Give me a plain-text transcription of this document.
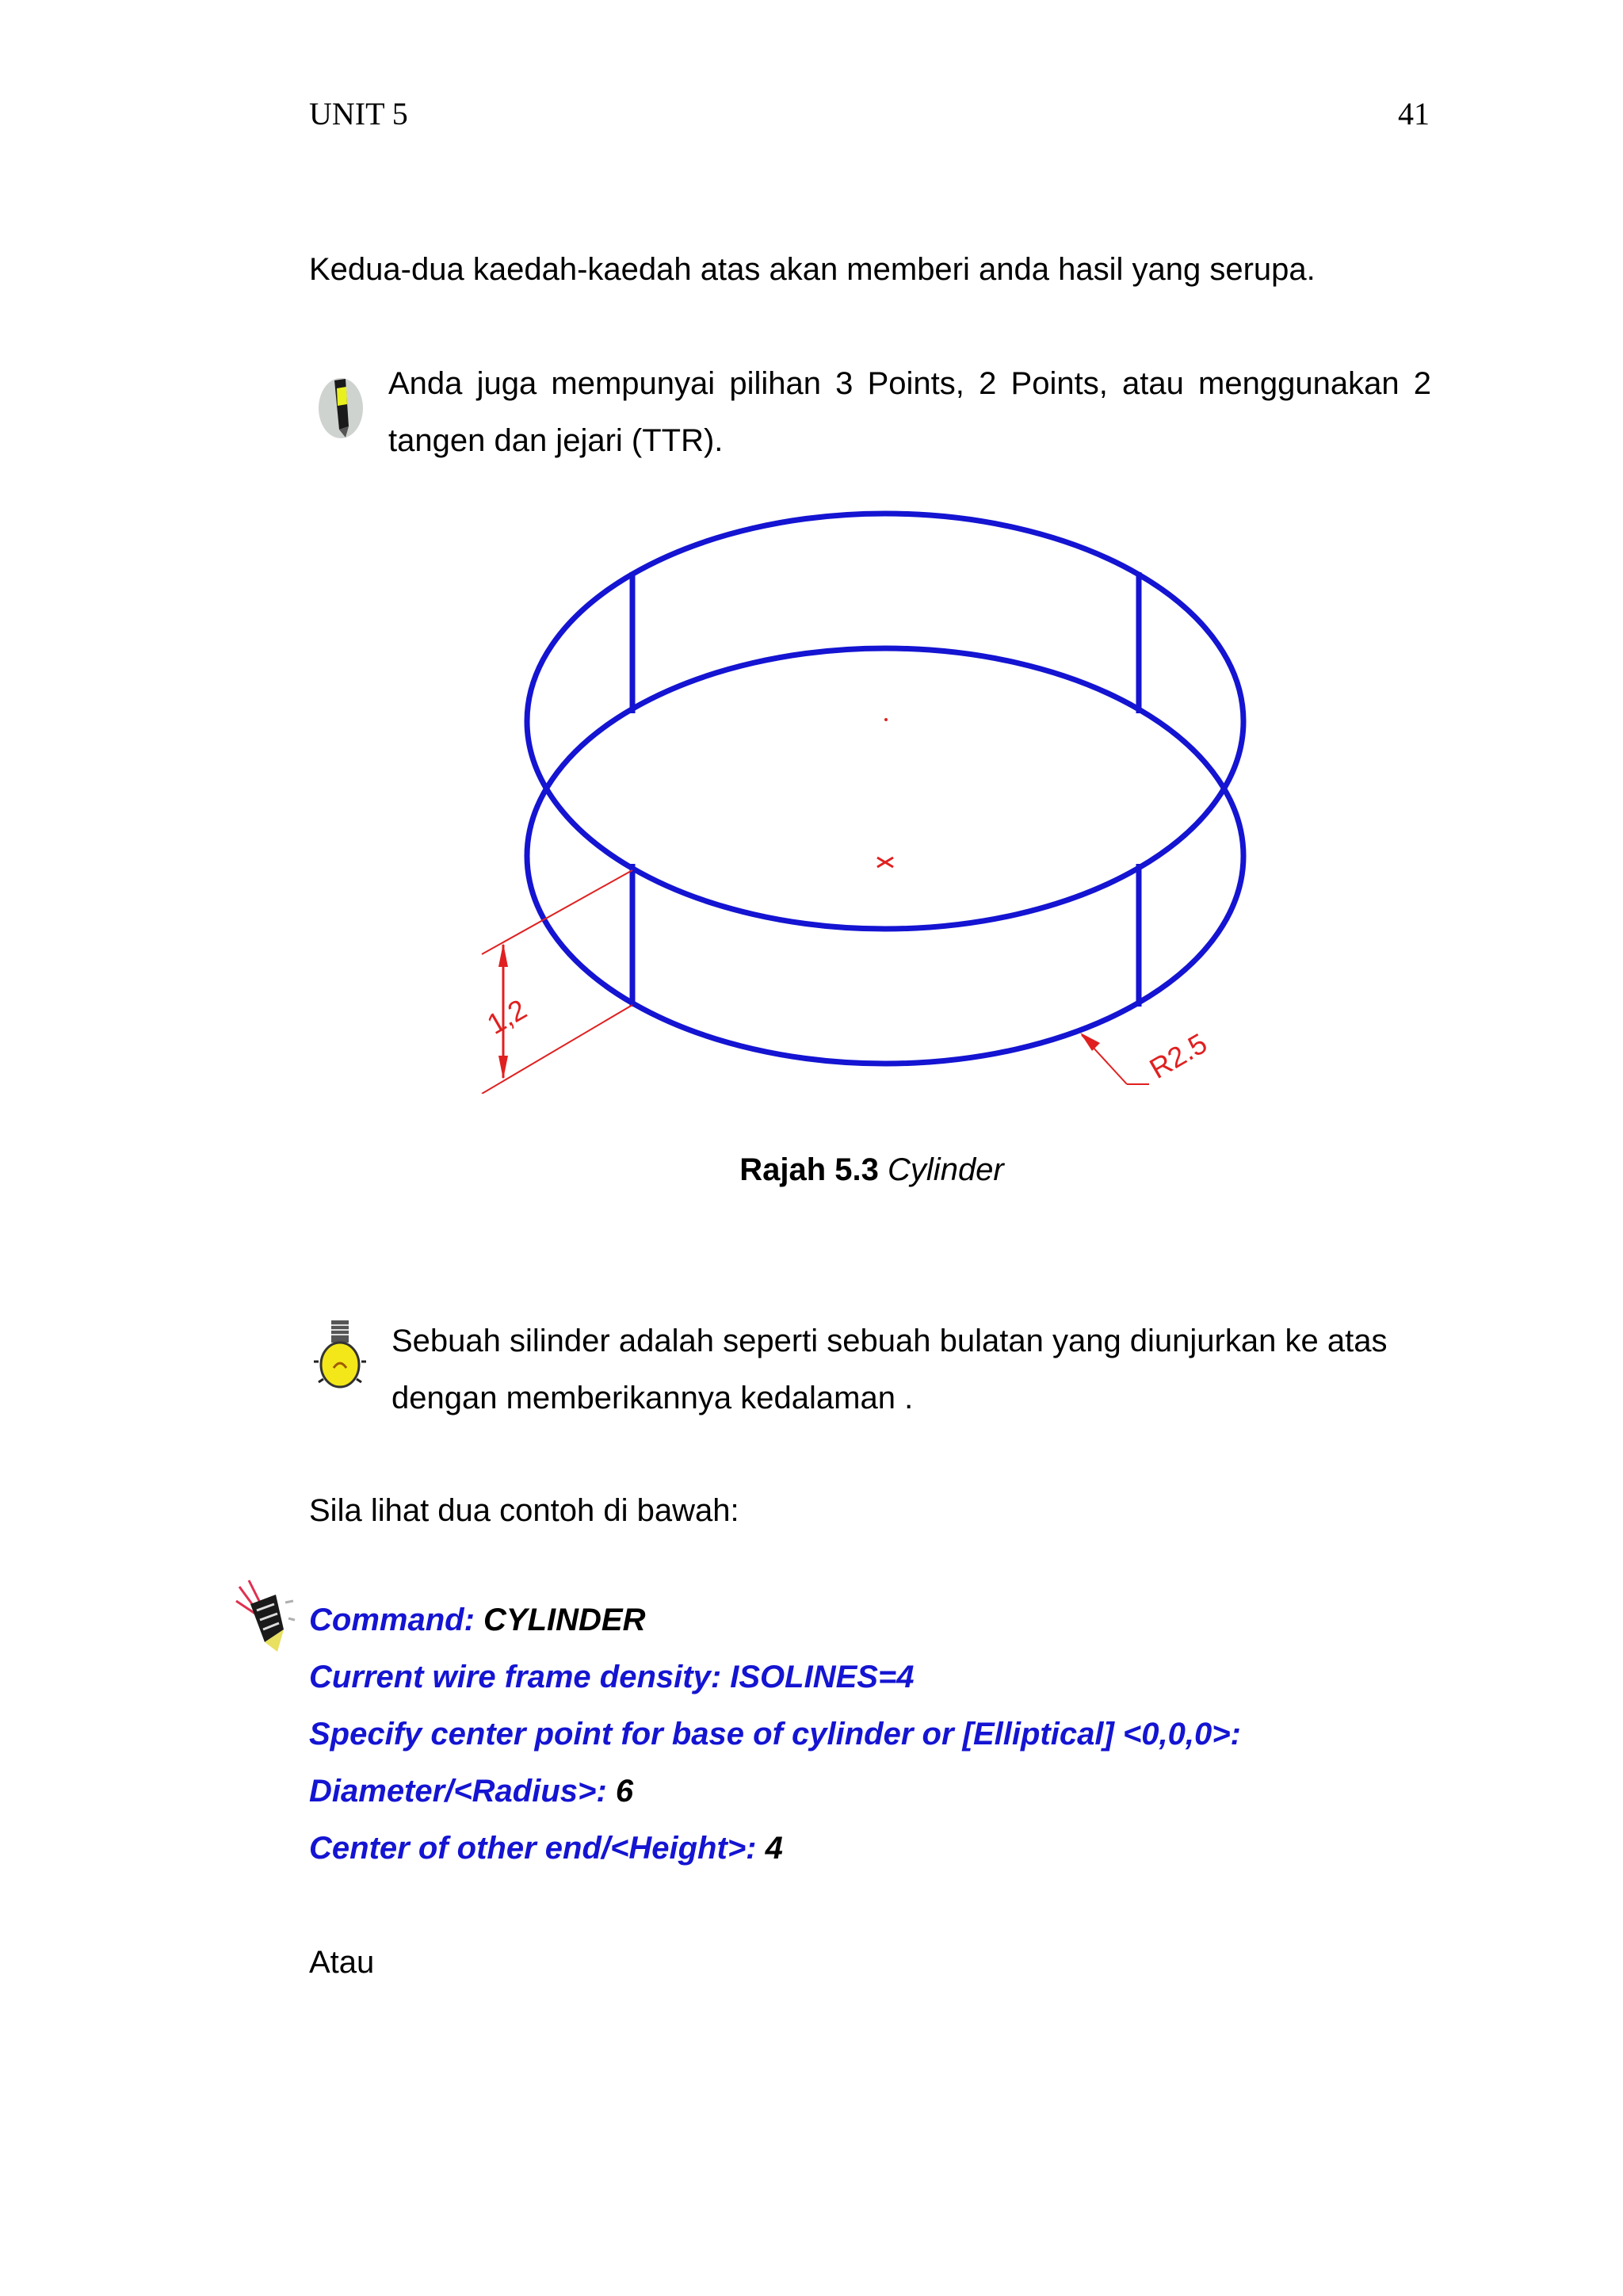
UNIT 5	41
Kedua-dua kaedah-kaedah atas akan memberi anda hasil yang serupa.
Anda juga mempunyai pilihan 3 Points, 2 Points, atau menggunakan 2 tangen dan jejari (TTR).
1,2
R2.5
Rajah 5.3 Cylinder
Sebuah silinder adalah seperti sebuah bulatan yang diunjurkan ke atas dengan memberikannya kedalaman .
Sila lihat dua contoh di bawah:
Command: CYLINDER
Current wire frame density: ISOLINES=4
Specify center point for base of cylinder or [Elliptical] <0,0,0>:
Diameter/<Radius>: 6
Center of other end/<Height>: 4
Atau
